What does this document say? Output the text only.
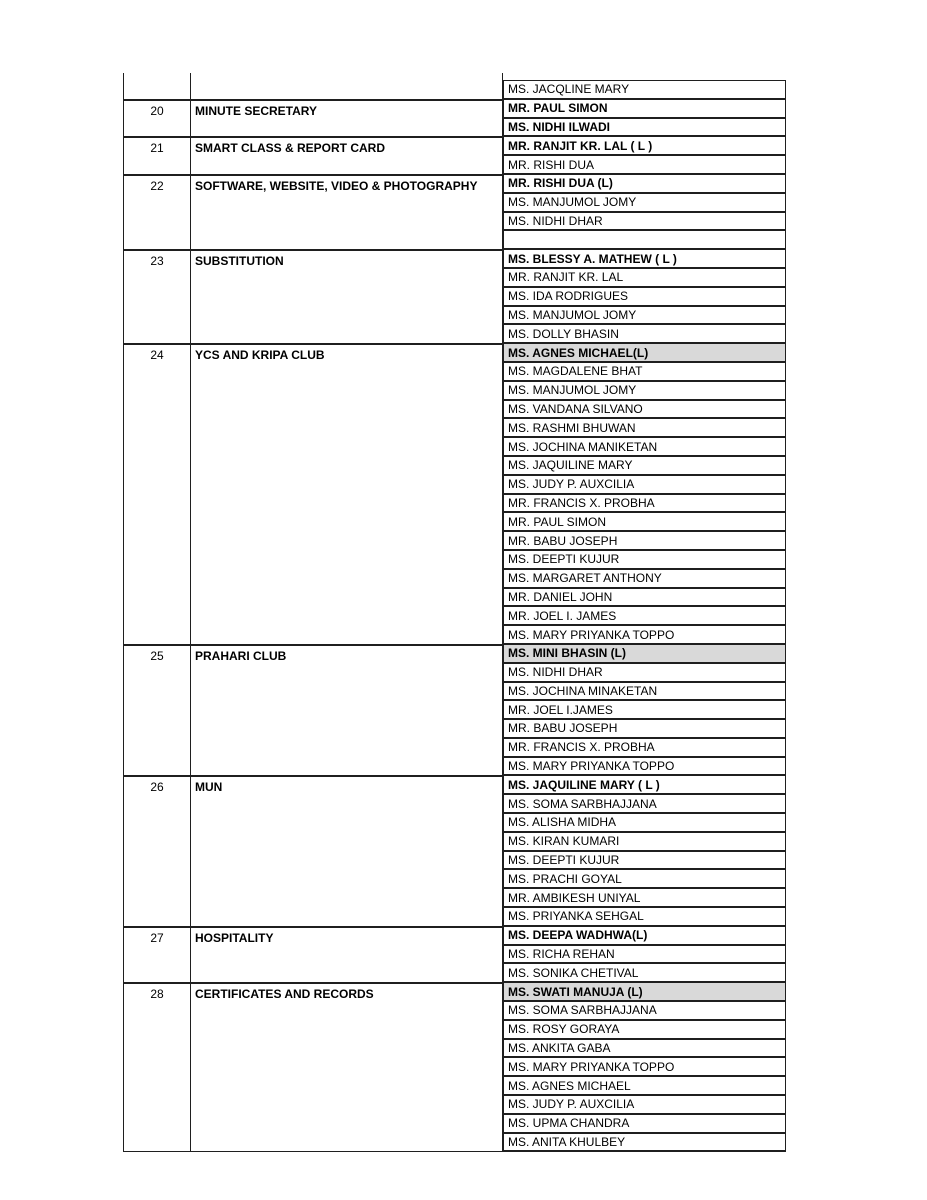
MS. JACQLINE MARY
20	MINUTE SECRETARY	MR. PAUL SIMON
MS. NIDHI ILWADI
21	SMART CLASS & REPORT CARD	MR. RANJIT KR. LAL ( L )
MR. RISHI DUA
22	SOFTWARE, WEBSITE, VIDEO & PHOTOGRAPHY	MR. RISHI DUA (L)
MS. MANJUMOL JOMY
MS. NIDHI DHAR
23	SUBSTITUTION	MS. BLESSY A. MATHEW ( L )
MR. RANJIT KR. LAL
MS. IDA RODRIGUES
MS. MANJUMOL JOMY
MS. DOLLY BHASIN
24	YCS AND KRIPA CLUB	MS. AGNES MICHAEL(L)
MS. MAGDALENE BHAT
MS. MANJUMOL JOMY
MS. VANDANA SILVANO
MS. RASHMI BHUWAN
MS. JOCHINA MANIKETAN
MS. JAQUILINE MARY
MS. JUDY P. AUXCILIA
MR. FRANCIS X. PROBHA
MR. PAUL SIMON
MR. BABU JOSEPH
MS. DEEPTI KUJUR
MS. MARGARET ANTHONY
MR. DANIEL JOHN
MR. JOEL I. JAMES
MS. MARY PRIYANKA TOPPO
25	PRAHARI CLUB	MS. MINI BHASIN (L)
MS. NIDHI DHAR
MS. JOCHINA MINAKETAN
MR. JOEL I.JAMES
MR. BABU JOSEPH
MR. FRANCIS X. PROBHA
MS. MARY PRIYANKA TOPPO
26	MUN	MS. JAQUILINE MARY ( L )
MS. SOMA SARBHAJJANA
MS. ALISHA MIDHA
MS. KIRAN KUMARI
MS. DEEPTI KUJUR
MS. PRACHI GOYAL
MR. AMBIKESH UNIYAL
MS. PRIYANKA SEHGAL
27	HOSPITALITY	MS. DEEPA WADHWA(L)
MS. RICHA REHAN
MS. SONIKA CHETIVAL
28	CERTIFICATES AND RECORDS	MS. SWATI MANUJA (L)
MS. SOMA SARBHAJJANA
MS. ROSY GORAYA
MS. ANKITA GABA
MS. MARY PRIYANKA TOPPO
MS. AGNES MICHAEL
MS. JUDY P. AUXCILIA
MS. UPMA CHANDRA
MS. ANITA KHULBEY
